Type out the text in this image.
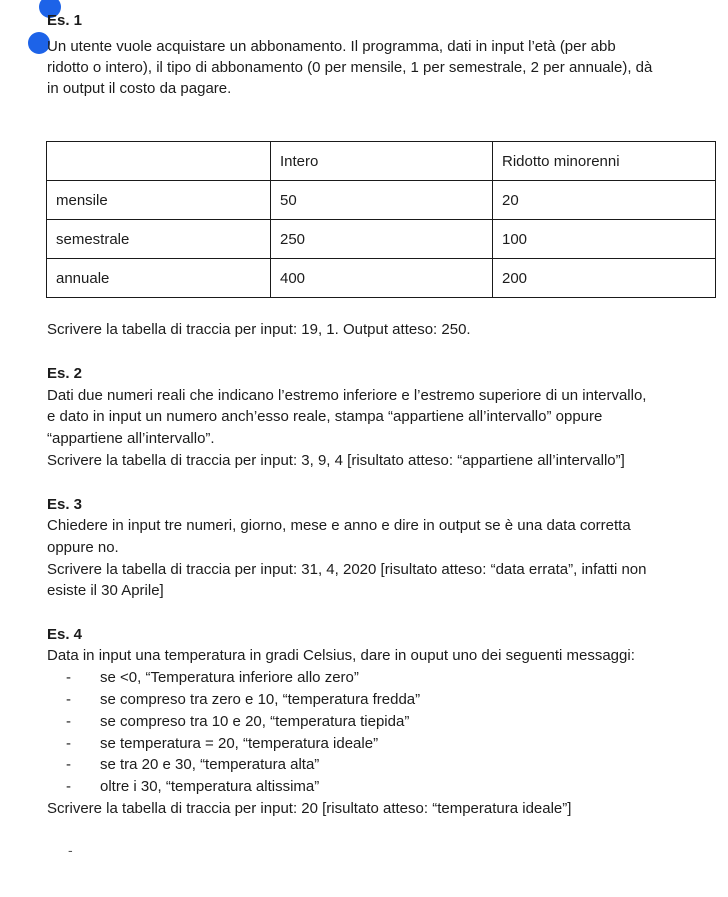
Es. 1
Un utente vuole acquistare un abbonamento. Il programma, dati in input l’età (per abb
ridotto o intero), il tipo di abbonamento (0 per mensile, 1 per semestrale, 2 per annuale), dà
in output il costo da pagare.
	Intero	Ridotto minorenni
mensile	50	20
semestrale	250	100
annuale	400	200
Scrivere la tabella di traccia per input: 19, 1. Output atteso: 250.
Es. 2
Dati due numeri reali che indicano l’estremo inferiore e l’estremo superiore di un intervallo,
e dato in input un numero anch’esso reale, stampa “appartiene all’intervallo” oppure
“appartiene all’intervallo”.
Scrivere la tabella di traccia per input: 3, 9, 4 [risultato atteso: “appartiene all’intervallo”]
Es. 3
Chiedere in input tre numeri, giorno, mese e anno e dire in output se è una data corretta
oppure no.
Scrivere la tabella di traccia per input: 31, 4, 2020 [risultato atteso: “data errata”, infatti non
esiste il 30 Aprile]
Es. 4
Data in input una temperatura in gradi Celsius, dare in ouput uno dei seguenti messaggi:
- se <0, “Temperatura inferiore allo zero”
- se compreso tra zero e 10, “temperatura fredda”
- se compreso tra 10 e 20, “temperatura tiepida”
- se temperatura = 20, “temperatura ideale”
- se tra 20 e 30, “temperatura alta”
- oltre i 30, “temperatura altissima”
Scrivere la tabella di traccia per input: 20 [risultato atteso: “temperatura ideale”]
-
